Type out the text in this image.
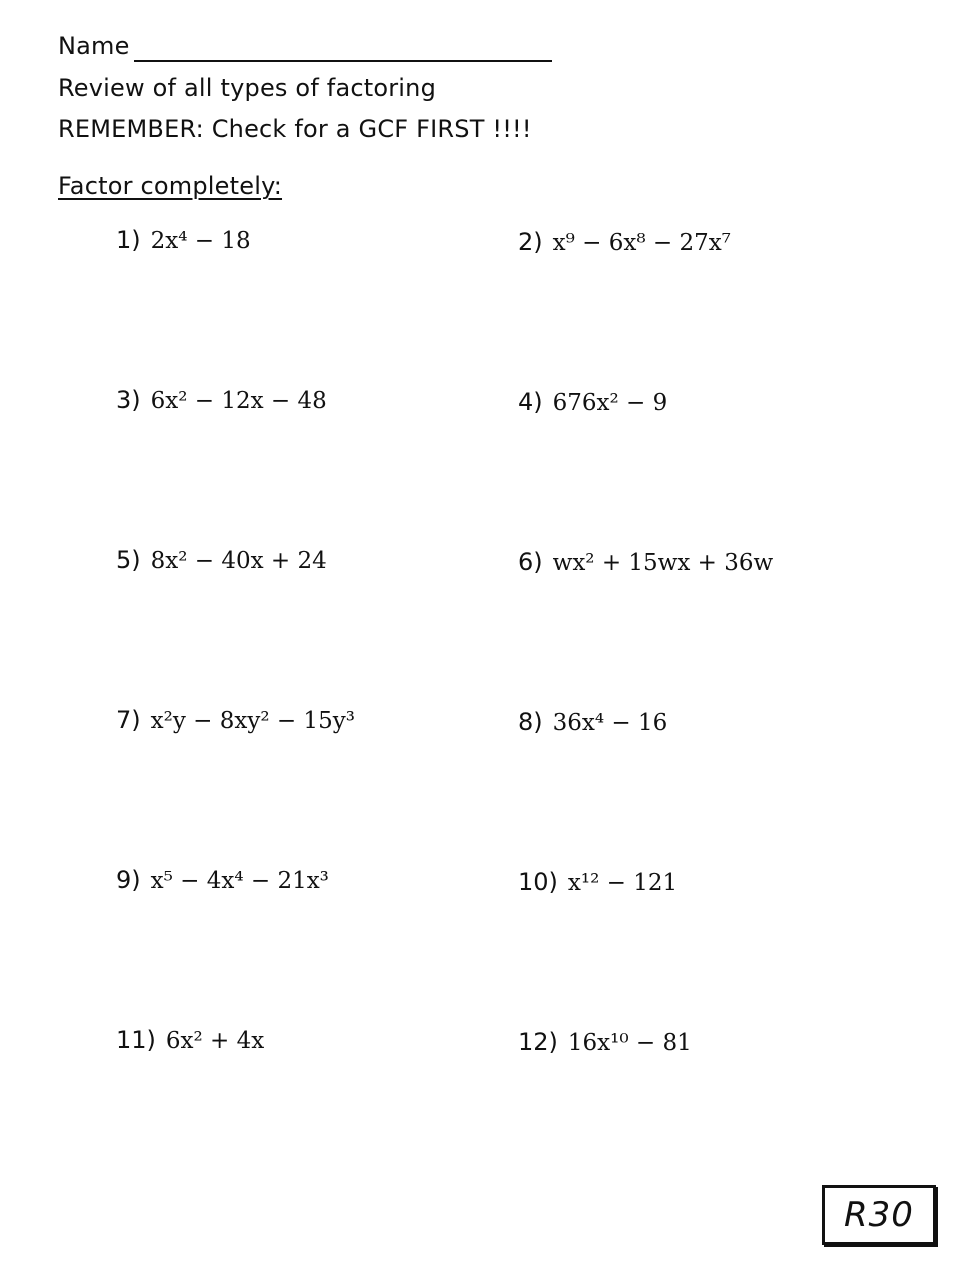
Name
Review of all types of factoring
REMEMBER: Check for a GCF FIRST !!!!
Factor completely:
1) 2x⁴ − 18	2) x⁹ − 6x⁸ − 27x⁷
3) 6x² − 12x − 48	4) 676x² − 9
5) 8x² − 40x + 24	6) wx² + 15wx + 36w
7) x²y − 8xy² − 15y³	8) 36x⁴ − 16
9) x⁵ − 4x⁴ − 21x³	10) x¹² − 121
11) 6x² + 4x	12) 16x¹⁰ − 81
R30
